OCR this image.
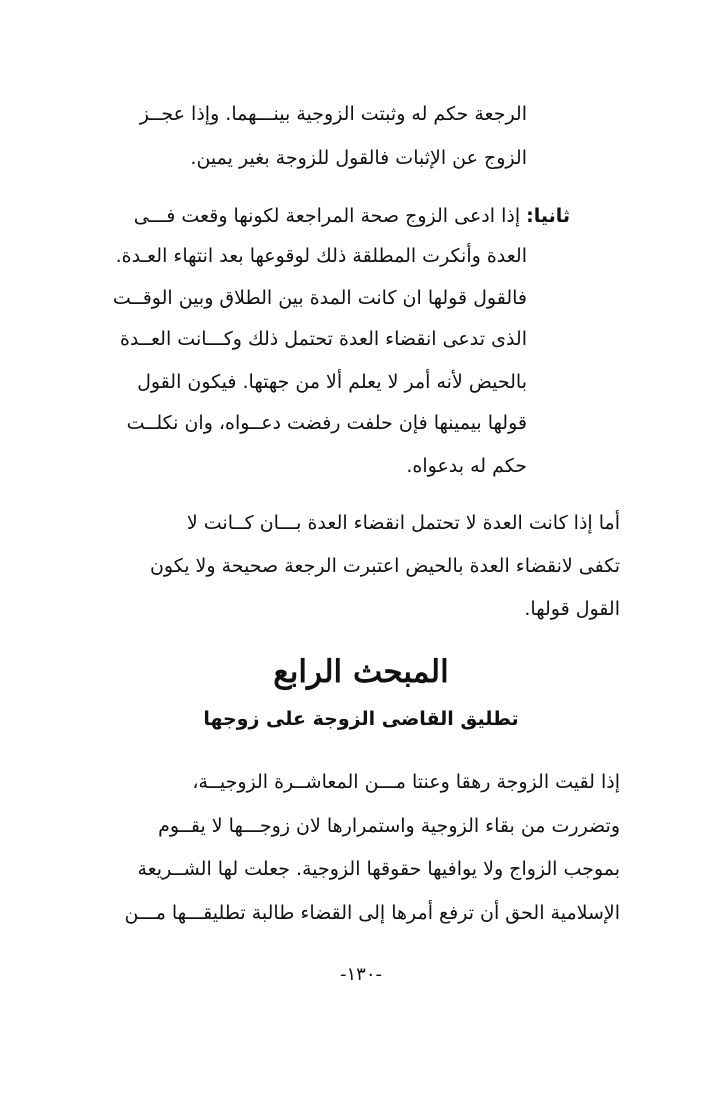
الرجعة حكم له وثبتت الزوجية بينـــهما. وإذا عجــز
الزوج عن الإثبات فالقول للزوجة بغير يمين.
ثانيا:إذا ادعى الزوج صحة المراجعة لكونها وقعت فـــى
العدة وأنكرت المطلقة ذلك لوقوعها بعد انتهاء العـدة.
فالقول قولها ان كانت المدة بين الطلاق وبين الوقــت
الذى تدعى انقضاء العدة تحتمل ذلك وكـــانت العــدة
بالحيض لأنه أمر لا يعلم ألا من جهتها. فيكون القول
قولها بيمينها فإن حلفت رفضت دعــواه، وان نكلــت
حكم له بدعواه.
أما إذا كانت العدة لا تحتمل انقضاء العدة بـــان كــانت لا
تكفى لانقضاء العدة بالحيض اعتبرت الرجعة صحيحة ولا يكون
القول قولها.
المبحث الرابع
تطليق القاضى الزوجة على زوجها
إذا لقيت الزوجة رهقا وعنتا مـــن المعاشــرة الزوجيــة،
وتضررت من بقاء الزوجية واستمرارها لان زوجـــها لا يقــوم
بموجب الزواج ولا يوافيها حقوقها الزوجية. جعلت لها الشــريعة
الإسلامية الحق أن ترفع أمرها إلى القضاء طالبة تطليقـــها مـــن
-١٣٠-
